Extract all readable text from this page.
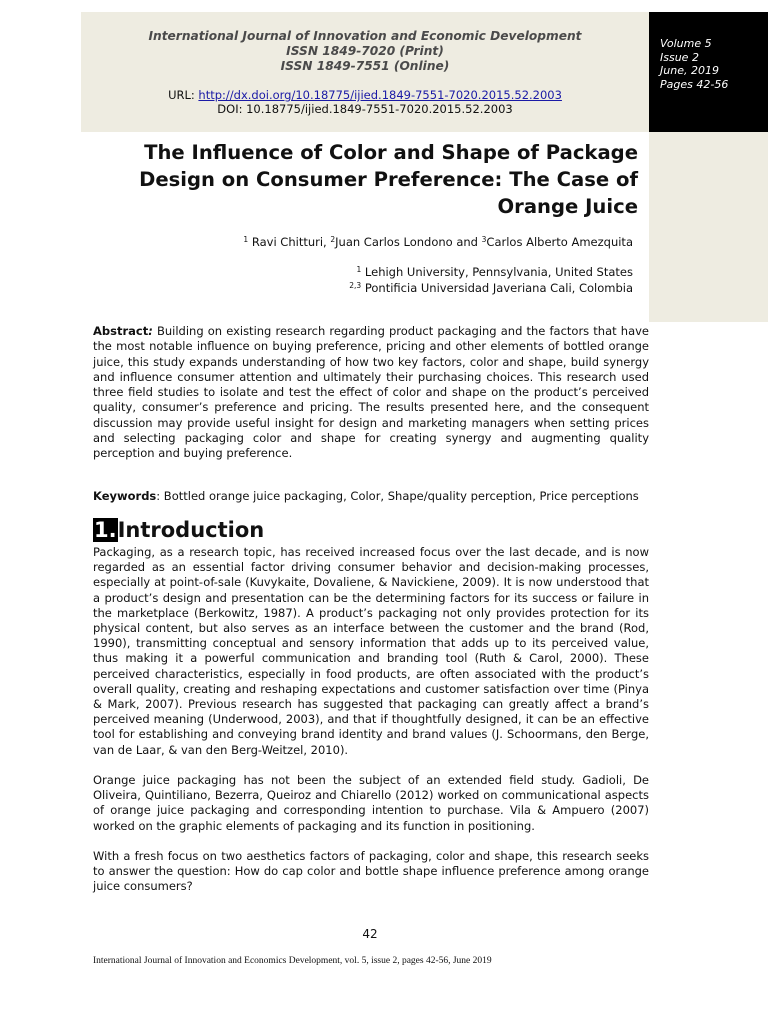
International Journal of Innovation and Economic Development
ISSN 1849-7020 (Print)
ISSN 1849-7551 (Online)
URL: http://dx.doi.org/10.18775/ijied.1849-7551-7020.2015.52.2003
DOI: 10.18775/ijied.1849-7551-7020.2015.52.2003
Volume 5
Issue 2
June, 2019
Pages 42-56
The Influence of Color and Shape of Package
Design on Consumer Preference: The Case of
Orange Juice
$^1$ Ravi Chitturi, $^2$Juan Carlos Londono and $^3$Carlos Alberto Amezquita
$^1$ Lehigh University, Pennsylvania, United States
$^{2,3}$ Pontificia Universidad Javeriana Cali, Colombia
Abstract: Building on existing research regarding product packaging and the factors that have the most notable influence on buying preference, pricing and other elements of bottled orange juice, this study expands understanding of how two key factors, color and shape, build synergy and influence consumer attention and ultimately their purchasing choices. This research used three field studies to isolate and test the effect of color and shape on the product’s perceived quality, consumer’s preference and pricing. The results presented here, and the consequent discussion may provide useful insight for design and marketing managers when setting prices and selecting packaging color and shape for creating synergy and augmenting quality perception and buying preference.
Keywords: Bottled orange juice packaging, Color, Shape/quality perception, Price perceptions
1.Introduction

Packaging, as a research topic, has received increased focus over the last decade, and is now regarded as an essential factor driving consumer behavior and decision-making processes, especially at point-of-sale (Kuvykaite, Dovaliene, & Navickiene, 2009). It is now understood that a product’s design and presentation can be the determining factors for its success or failure in the marketplace (Berkowitz, 1987). A product’s packaging not only provides protection for its physical content, but also serves as an interface between the customer and the brand (Rod, 1990), transmitting conceptual and sensory information that adds up to its perceived value, thus making it a powerful communication and branding tool (Ruth & Carol, 2000). These perceived characteristics, especially in food products, are often associated with the product’s overall quality, creating and reshaping expectations and customer satisfaction over time (Pinya & Mark, 2007). Previous research has suggested that packaging can greatly affect a brand’s perceived meaning (Underwood, 2003), and that if thoughtfully designed, it can be an effective tool for establishing and conveying brand identity and brand values (J. Schoormans, den Berge, van de Laar, & van den Berg-Weitzel, 2010).

Orange juice packaging has not been the subject of an extended field study. Gadioli, De Oliveira, Quintiliano, Bezerra, Queiroz and Chiarello (2012) worked on communicational aspects of orange juice packaging and corresponding intention to purchase. Vila & Ampuero (2007) worked on the graphic elements of packaging and its function in positioning.

With a fresh focus on two aesthetics factors of packaging, color and shape, this research seeks to answer the question: How do cap color and bottle shape influence preference among orange juice consumers?

42
International Journal of Innovation and Economics Development, vol. 5, issue 2, pages 42-56, June 2019
